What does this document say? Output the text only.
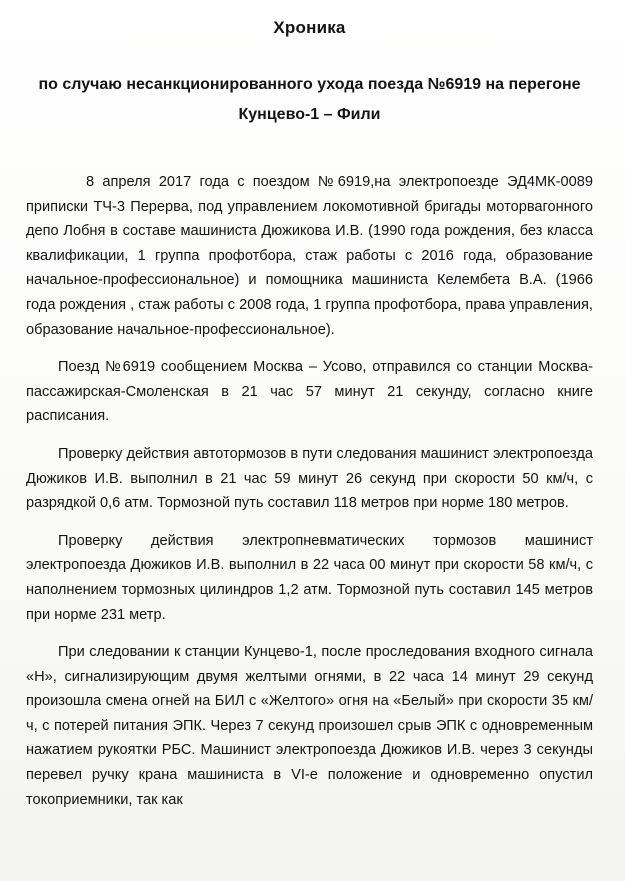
Хроника
по случаю несанкционированного ухода поезда №6919 на перегоне Кунцево-1 – Фили

8 апреля 2017 года с поездом №6919,на электропоезде ЭД4МК-0089 приписки ТЧ-3 Перерва, под управлением локомотивной бригады моторвагонного депо Лобня в составе машиниста Дюжикова И.В. (1990 года рождения, без класса квалификации, 1 группа профотбора, стаж работы с 2016 года, образование начальное-профессиональное) и помощника машиниста Келембета В.А. (1966 года рождения , стаж работы с 2008 года, 1 группа профотбора, права управления, образование начальное-профессиональное).

Поезд №6919 сообщением Москва – Усово, отправился со станции Москва-пассажирская-Смоленская в 21 час 57 минут 21 секунду, согласно книге расписания.

Проверку действия автотормозов в пути следования машинист электропоезда Дюжиков И.В. выполнил в 21 час 59 минут 26 секунд при скорости 50 км/ч, с разрядкой 0,6 атм. Тормозной путь составил 118 метров при норме 180 метров.

Проверку действия электропневматических тормозов машинист электропоезда Дюжиков И.В. выполнил в 22 часа 00 минут при скорости 58 км/ч, с наполнением тормозных цилиндров 1,2 атм. Тормозной путь составил 145 метров при норме 231 метр.

При следовании к станции Кунцево-1, после проследования входного сигнала «Н», сигнализирующим двумя желтыми огнями, в 22 часа 14 минут 29 секунд произошла смена огней на БИЛ с «Желтого» огня на «Белый» при скорости 35 км/ч, с потерей питания ЭПК. Через 7 секунд произошел срыв ЭПК с одновременным нажатием рукоятки РБС. Машинист электропоезда Дюжиков И.В. через 3 секунды перевел ручку крана машиниста в VI-е положение и одновременно опустил токоприемники, так как
